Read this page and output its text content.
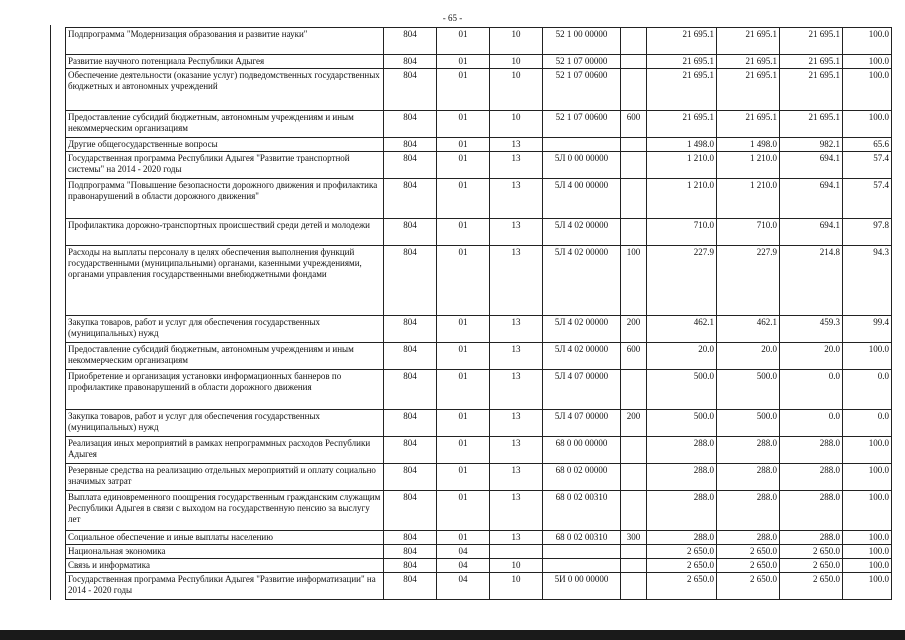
- 65 -
Подпрограмма "Модернизация образования и развитие науки"	804	01	10	52 1 00 00000		21 695.1	21 695.1	21 695.1	100.0
Развитие научного потенциала Республики Адыгея	804	01	10	52 1 07 00000		21 695.1	21 695.1	21 695.1	100.0
Обеспечение деятельности (оказание услуг) подведомственных государственных бюджетных и автономных учреждений	804	01	10	52 1 07 00600		21 695.1	21 695.1	21 695.1	100.0
Предоставление субсидий бюджетным, автономным учреждениям и иным некоммерческим организациям	804	01	10	52 1 07 00600	600	21 695.1	21 695.1	21 695.1	100.0
Другие общегосударственные вопросы	804	01	13			1 498.0	1 498.0	982.1	65.6
Государственная программа Республики Адыгея "Развитие транспортной системы" на 2014 - 2020 годы	804	01	13	5Л 0 00 00000		1 210.0	1 210.0	694.1	57.4
Подпрограмма "Повышение безопасности дорожного движения и профилактика правонарушений в области дорожного движения"	804	01	13	5Л 4 00 00000		1 210.0	1 210.0	694.1	57.4
Профилактика дорожно-транспортных происшествий среди детей и молодежи	804	01	13	5Л 4 02 00000		710.0	710.0	694.1	97.8
Расходы на выплаты персоналу в целях обеспечения выполнения функций государственными (муниципальными) органами, казенными учреждениями, органами управления государственными внебюджетными фондами	804	01	13	5Л 4 02 00000	100	227.9	227.9	214.8	94.3
Закупка товаров, работ и услуг для обеспечения государственных (муниципальных) нужд	804	01	13	5Л 4 02 00000	200	462.1	462.1	459.3	99.4
Предоставление субсидий бюджетным, автономным учреждениям и иным некоммерческим организациям	804	01	13	5Л 4 02 00000	600	20.0	20.0	20.0	100.0
Приобретение и организация установки информационных баннеров по профилактике правонарушений в области дорожного движения	804	01	13	5Л 4 07 00000		500.0	500.0	0.0	0.0
Закупка товаров, работ и услуг для обеспечения государственных (муниципальных) нужд	804	01	13	5Л 4 07 00000	200	500.0	500.0	0.0	0.0
Реализация иных мероприятий в рамках непрограммных расходов Республики Адыгея	804	01	13	68 0 00 00000		288.0	288.0	288.0	100.0
Резервные средства на реализацию отдельных мероприятий и оплату социально значимых затрат	804	01	13	68 0 02 00000		288.0	288.0	288.0	100.0
Выплата единовременного поощрения государственным гражданским служащим Республики Адыгея в связи с выходом на государственную пенсию за выслугу лет	804	01	13	68 0 02 00310		288.0	288.0	288.0	100.0
Социальное обеспечение и иные выплаты населению	804	01	13	68 0 02 00310	300	288.0	288.0	288.0	100.0
Национальная экономика	804	04				2 650.0	2 650.0	2 650.0	100.0
Связь и информатика	804	04	10			2 650.0	2 650.0	2 650.0	100.0
Государственная программа Республики Адыгея "Развитие информатизации" на 2014 - 2020 годы	804	04	10	5И 0 00 00000		2 650.0	2 650.0	2 650.0	100.0
